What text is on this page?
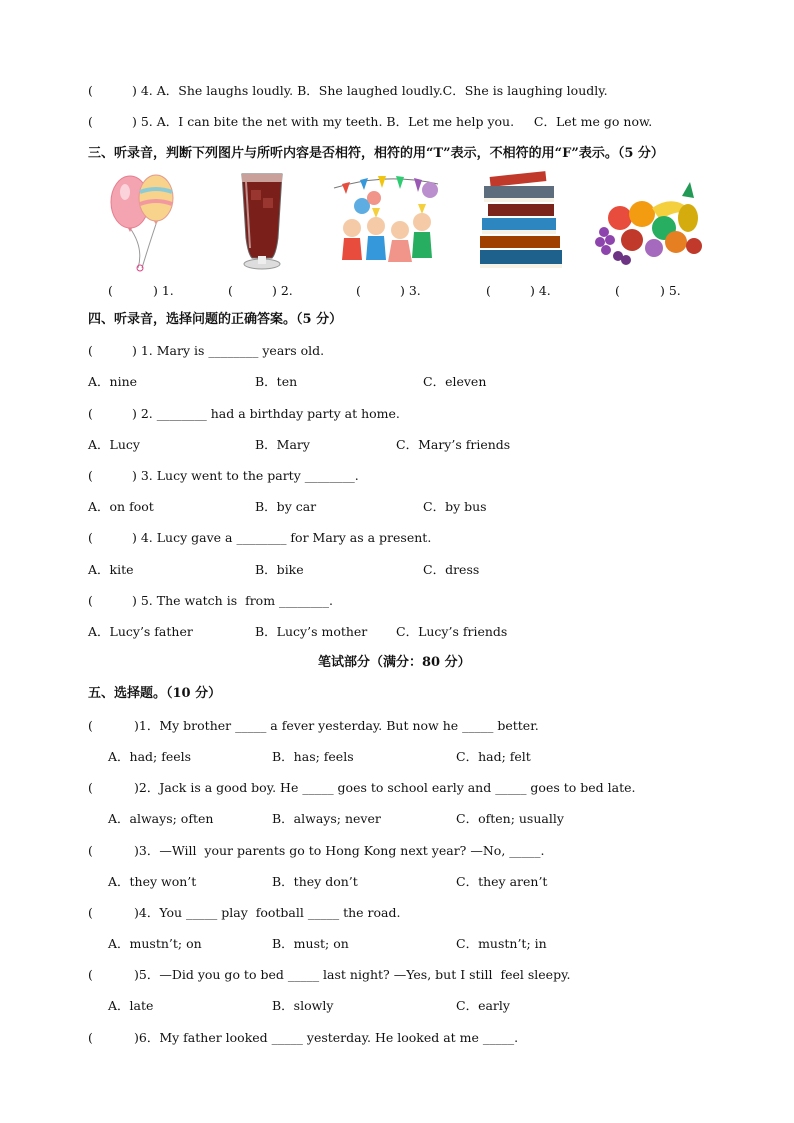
(	) 4. A．She laughs loudly. B．She laughed loudly.C．She is laughing loudly.
(	) 5. A．I can bite the net with my teeth. B．Let me help you.     C．Let me go now.
三、听录音，判断下列图片与所听内容是否相符，相符的用“T”表示，不相符的用“F”表示。（5 分）
(	) 1.	(	) 2.	(	) 3.	(	) 4.	(	) 5.
四、听录音，选择问题的正确答案。（5 分）
(	) 1. Mary is ________ years old.
A．nine	B．ten	C．eleven
(	) 2. ________ had a birthday party at home.
A．Lucy	B．Mary	C．Mary’s friends
(	) 3. Lucy went to the party ________.
A．on foot	B．by car	C．by bus
(	) 4. Lucy gave a ________ for Mary as a present.
A．kite	B．bike	C．dress
(	) 5. The watch is  from ________.
A．Lucy’s father	B．Lucy’s mother C．Lucy’s friends
笔试部分（满分：80 分）
五、选择题。（10 分）
(	)1．My brother _____ a fever yesterday. But now he _____ better.
A．had; feels	B．has; feels	C．had; felt
(	)2．Jack is a good boy. He _____ goes to school early and _____ goes to bed late.
A．always; often	B．always; never	C．often; usually
(	)3．—Will  your parents go to Hong Kong next year? —No, _____.
A．they won’t	B．they don’t	C．they aren’t
(	)4．You _____ play  football _____ the road.
A．mustn’t; on	B．must; on	C．mustn’t; in
(	)5．—Did you go to bed _____ last night? —Yes, but I still  feel sleepy.
A．late	B．slowly	C．early
(	)6．My father looked _____ yesterday. He looked at me _____.
